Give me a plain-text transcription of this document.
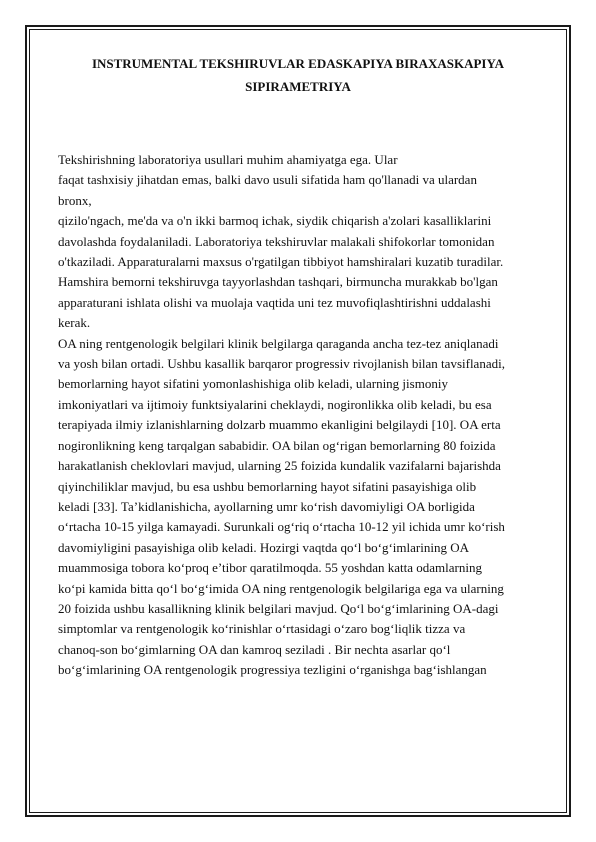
INSTRUMENTAL TEKSHIRUVLAR EDASKAPIYA BIRAXASKAPIYA
SIPIRAMETRIYA
Tekshirishning laboratoriya usullari muhim ahamiyatga ega. Ular
faqat tashxisiy jihatdan emas, balki davo usuli sifatida ham qo'llanadi va ulardan
bronx,
qizilo'ngach, me'da va o'n ikki barmoq ichak, siydik chiqarish a'zolari kasalliklarini
davolashda foydalaniladi. Laboratoriya tekshiruvlar malakali shifokorlar tomonidan
o'tkaziladi. Apparaturalarni maxsus o'rgatilgan tibbiyot hamshiralari kuzatib turadilar.
Hamshira bemorni tekshiruvga tayyorlashdan tashqari, birmuncha murakkab bo'lgan
apparaturani ishlata olishi va muolaja vaqtida uni tez muvofiqlashtirishni uddalashi
kerak.
OA ning rentgenologik belgilari klinik belgilarga qaraganda ancha tez-tez aniqlanadi
va yosh bilan ortadi. Ushbu kasallik barqaror progressiv rivojlanish bilan tavsiflanadi,
bemorlarning hayot sifatini yomonlashishiga olib keladi, ularning jismoniy
imkoniyatlari va ijtimoiy funktsiyalarini cheklaydi, nogironlikka olib keladi, bu esa
terapiyada ilmiy izlanishlarning dolzarb muammo ekanligini belgilaydi [10]. OA erta
nogironlikning keng tarqalgan sababidir. OA bilan og‘rigan bemorlarning 80 foizida
harakatlanish cheklovlari mavjud, ularning 25 foizida kundalik vazifalarni bajarishda
qiyinchiliklar mavjud, bu esa ushbu bemorlarning hayot sifatini pasayishiga olib
keladi [33]. Ta’kidlanishicha, ayollarning umr ko‘rish davomiyligi OA borligida
o‘rtacha 10-15 yilga kamayadi. Surunkali og‘riq o‘rtacha 10-12 yil ichida umr ko‘rish
davomiyligini pasayishiga olib keladi. Hozirgi vaqtda qo‘l bo‘g‘imlarining OA
muammosiga tobora ko‘proq e’tibor qaratilmoqda. 55 yoshdan katta odamlarning
ko‘pi kamida bitta qo‘l bo‘g‘imida OA ning rentgenologik belgilariga ega va ularning
20 foizida ushbu kasallikning klinik belgilari mavjud. Qo‘l bo‘g‘imlarining OA-dagi
simptomlar va rentgenologik ko‘rinishlar o‘rtasidagi o‘zaro bog‘liqlik tizza va
chanoq-son bo‘gimlarning OA dan kamroq seziladi . Bir nechta asarlar qo‘l
bo‘g‘imlarining OA rentgenologik progressiya tezligini o‘rganishga bag‘ishlangan
